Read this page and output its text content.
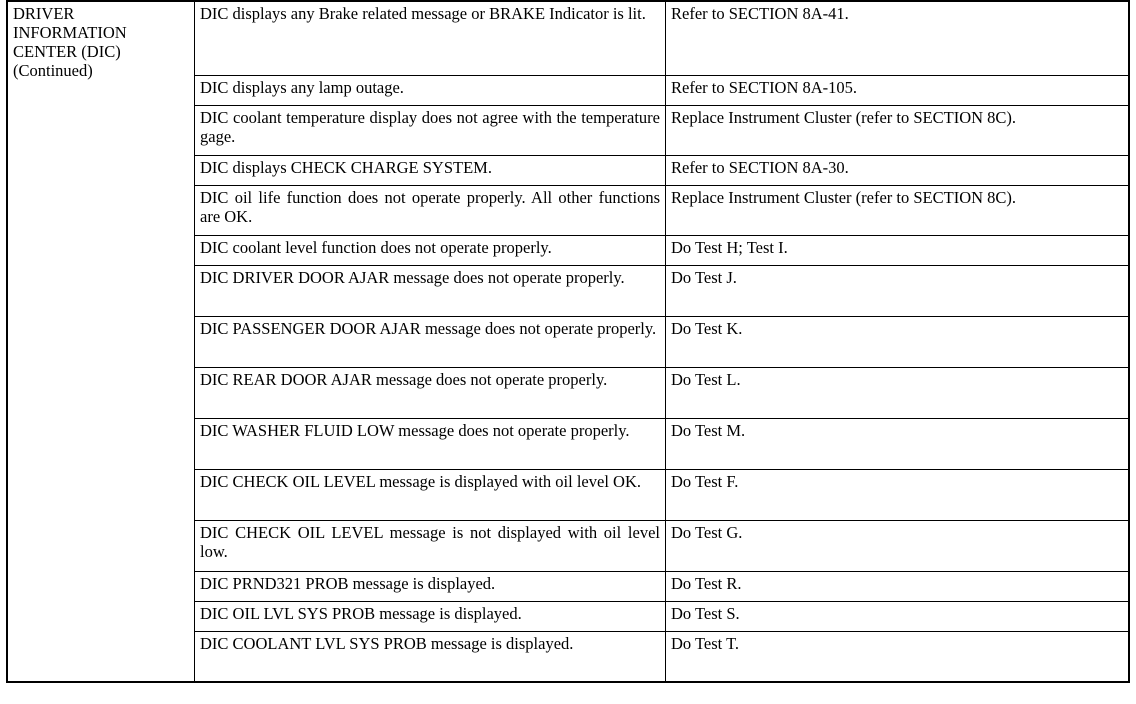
DRIVER
INFORMATION
CENTER (DIC)
(Continued)	DIC displays any Brake related message or BRAKE Indicator is lit.	Refer to SECTION 8A-41.
	DIC displays any lamp outage.	Refer to SECTION 8A-105.
	DIC coolant temperature display does not agree with the temperature gage.	Replace Instrument Cluster (refer to SECTION 8C).
	DIC displays CHECK CHARGE SYSTEM.	Refer to SECTION 8A-30.
	DIC oil life function does not operate properly. All other functions are OK.	Replace Instrument Cluster (refer to SECTION 8C).
	DIC coolant level function does not operate properly.	Do Test H; Test I.
	DIC DRIVER DOOR AJAR message does not operate properly.	Do Test J.
	DIC PASSENGER DOOR AJAR message does not operate properly.	Do Test K.
	DIC REAR DOOR AJAR message does not operate properly.	Do Test L.
	DIC WASHER FLUID LOW message does not operate properly.	Do Test M.
	DIC CHECK OIL LEVEL message is displayed with oil level OK.	Do Test F.
	DIC CHECK OIL LEVEL message is not displayed with oil level low.	Do Test G.
	DIC PRND321 PROB message is displayed.	Do Test R.
	DIC OIL LVL SYS PROB message is displayed.	Do Test S.
	DIC COOLANT LVL SYS PROB message is displayed.	Do Test T.
